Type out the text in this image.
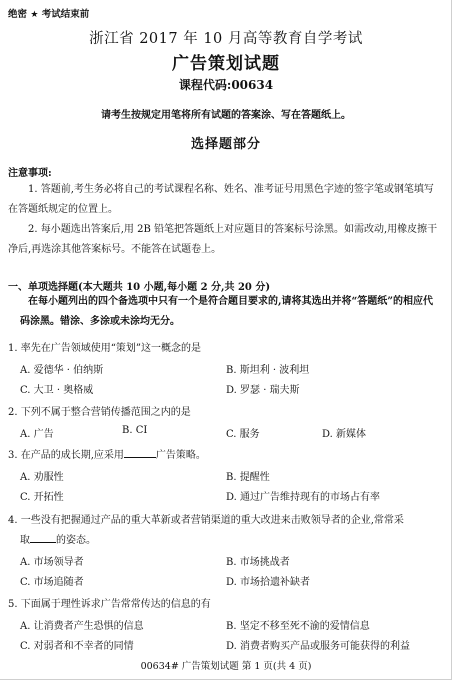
绝密 ★ 考试结束前
浙江省 2017 年 10 月高等教育自学考试
广告策划试题
课程代码:00634
请考生按规定用笔将所有试题的答案涂、写在答题纸上。
选择题部分
注意事项:
1. 答题前,考生务必将自己的考试课程名称、姓名、准考证号用黑色字迹的签字笔或钢笔填写在答题纸规定的位置上。
2. 每小题选出答案后,用 2B 铅笔把答题纸上对应题目的答案标号涂黑。如需改动,用橡皮擦干净后,再选涂其他答案标号。不能答在试题卷上。
一、单项选择题(本大题共 10 小题,每小题 2 分,共 20 分)
在每小题列出的四个备选项中只有一个是符合题目要求的,请将其选出并将“答题纸”的相应代码涂黑。错涂、多涂或未涂均无分。
1. 率先在广告领域使用“策划”这一概念的是
A. 爱德华 · 伯纳斯	B. 斯坦利 · 波利坦
C. 大卫 · 奥格威	D. 罗瑟 · 瑞夫斯
2. 下列不属于整合营销传播范围之内的是
A. 广告	B. CI	C. 服务	D. 新媒体
3. 在产品的成长期,应采用	广告策略。
A. 劝服性	B. 提醒性
C. 开拓性	D. 通过广告维持现有的市场占有率
4. 一些没有把握通过产品的重大革新或者营销渠道的重大改进来击败领导者的企业,常常采
取	的姿态。
A. 市场领导者	B. 市场挑战者
C. 市场追随者	D. 市场拾遗补缺者
5. 下面属于理性诉求广告常常传达的信息的有
A. 让消费者产生恐惧的信息	B. 坚定不移至死不渝的爱情信息
C. 对弱者和不幸者的同情	D. 消费者购买产品或服务可能获得的利益
00634# 广告策划试题 第 1 页(共 4 页)
